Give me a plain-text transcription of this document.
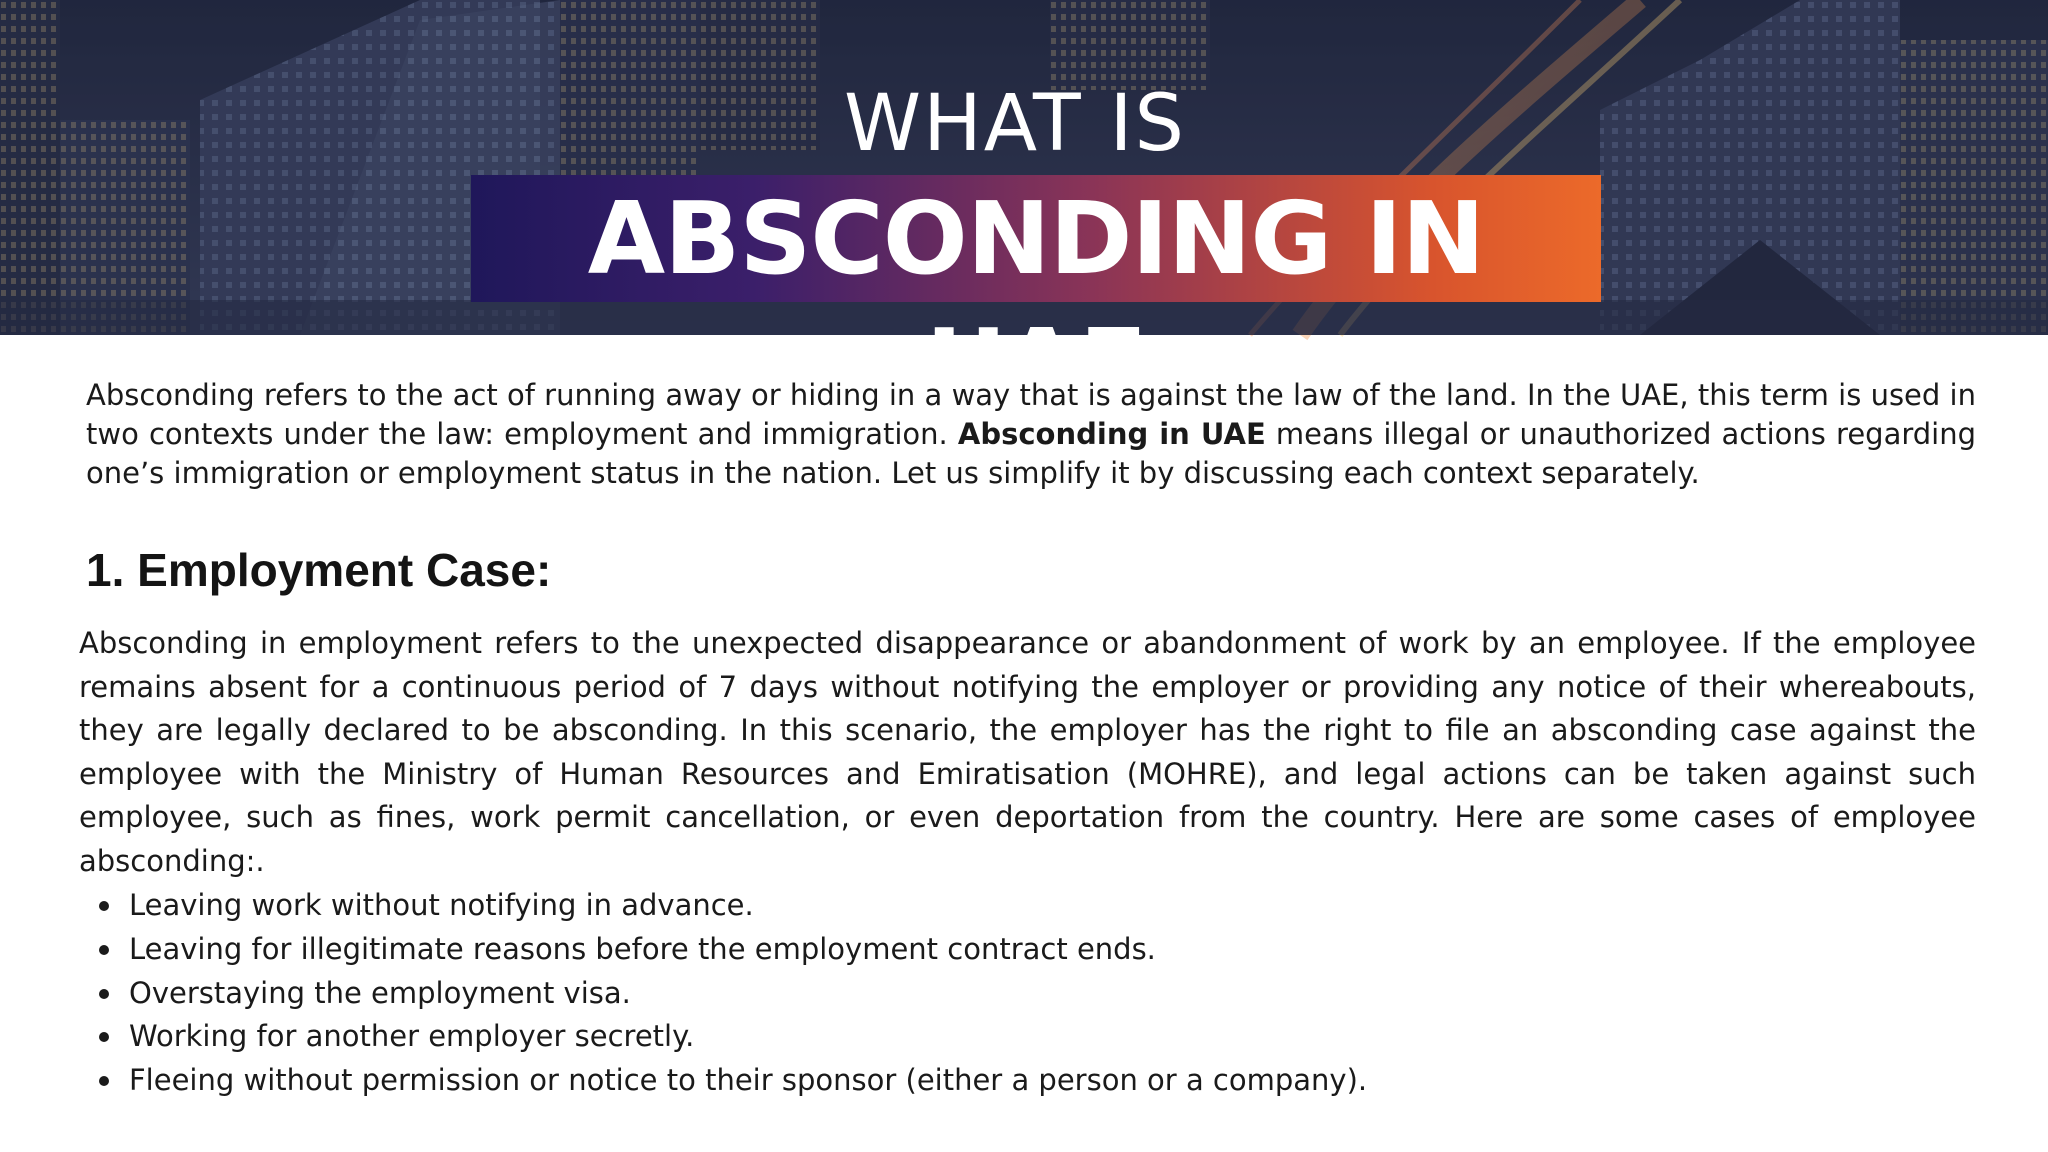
WHAT IS
ABSCONDING IN UAE

Absconding refers to the act of running away or hiding in a way that is against the law of the land. In the UAE, this term is used in two contexts under the law: employment and immigration. Absconding in UAE means illegal or unauthorized actions regarding one’s immigration or employment status in the nation. Let us simplify it by discussing each context separately.

1. Employment Case:

Absconding in employment refers to the unexpected disappearance or abandonment of work by an employee. If the employee remains absent for a continuous period of 7 days without notifying the employer or providing any notice of their whereabouts, they are legally declared to be absconding. In this scenario, the employer has the right to file an absconding case against the employee with the Ministry of Human Resources and Emiratisation (MOHRE), and legal actions can be taken against such employee, such as fines, work permit cancellation, or even deportation from the country. Here are some cases of employee absconding:.

Leaving work without notifying in advance.
Leaving for illegitimate reasons before the employment contract ends.
Overstaying the employment visa.
Working for another employer secretly.
Fleeing without permission or notice to their sponsor (either a person or a company).
